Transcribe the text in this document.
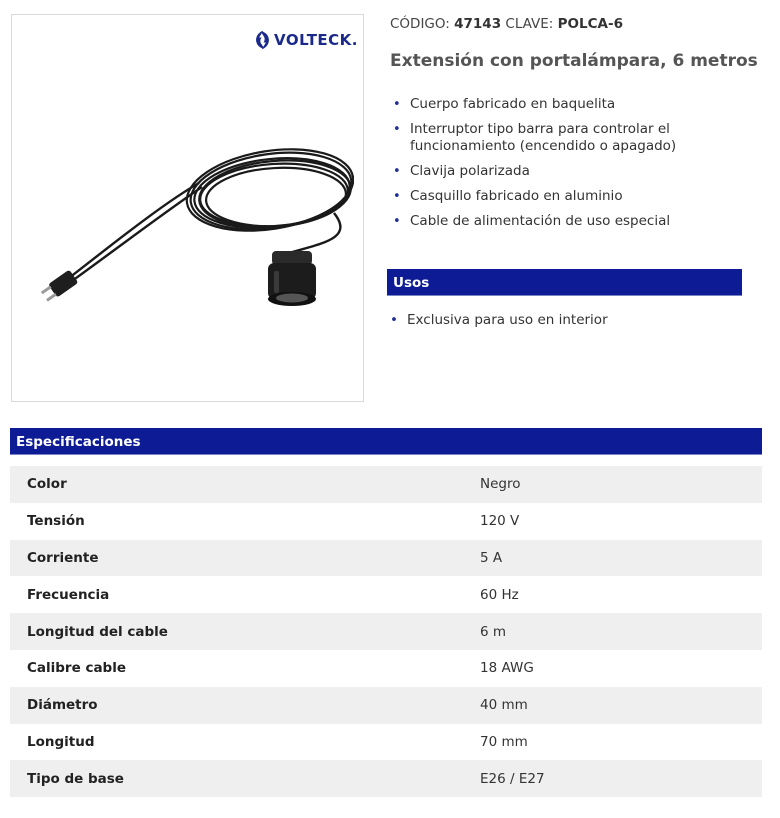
VOLTECK.
CÓDIGO: 47143 CLAVE: POLCA-6
Extensión con portalámpara, 6 metros
• Cuerpo fabricado en baquelita
• Interruptor tipo barra para controlar el funcionamiento (encendido o apagado)
• Clavija polarizada
• Casquillo fabricado en aluminio
• Cable de alimentación de uso especial
Usos
• Exclusiva para uso en interior
Especificaciones
Color	Negro
Tensión	120 V
Corriente	5 A
Frecuencia	60 Hz
Longitud del cable	6 m
Calibre cable	18 AWG
Diámetro	40 mm
Longitud	70 mm
Tipo de base	E26 / E27
